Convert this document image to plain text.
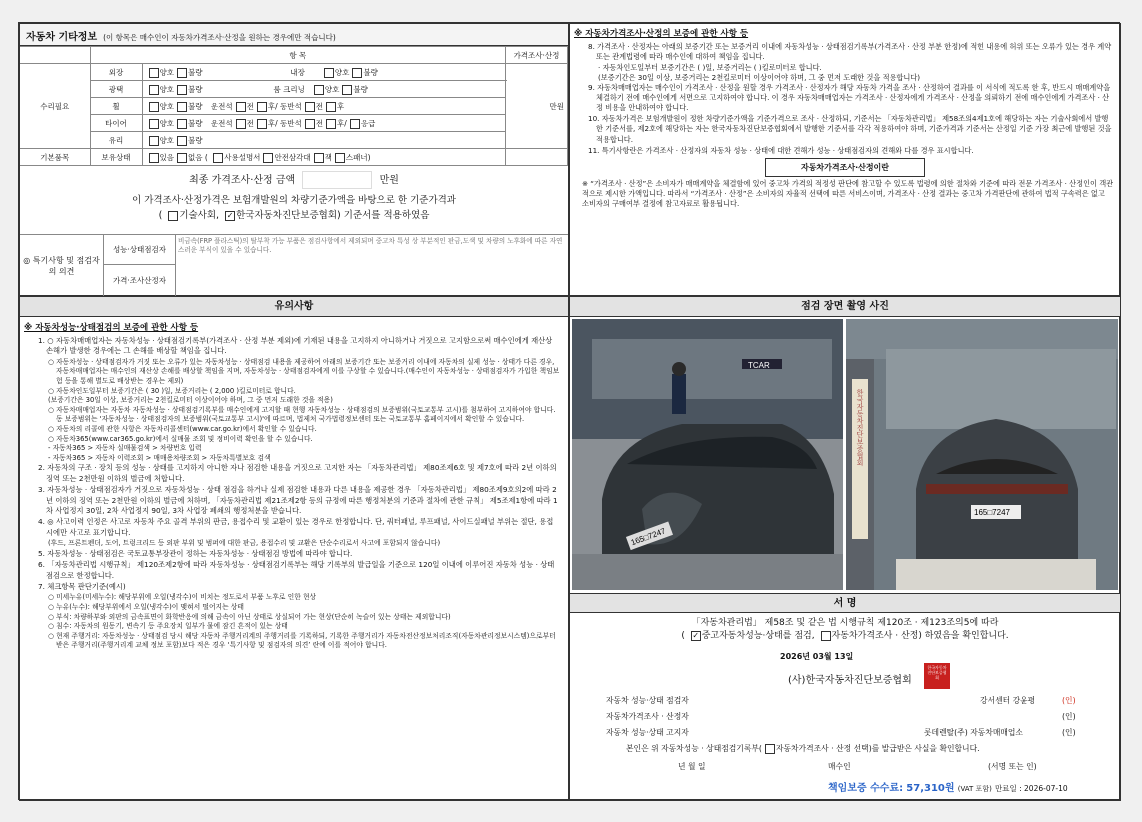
자동차 기타정보 (이 항목은 매수인이 자동차가격조사·산정을 원하는 경우에만 적습니다)
	항 목		가격조사·산정
수리필요	외장	양호 불량 내장 양호 불량	만원
	광택	양호 불량 룸 크리닝 양호 불량	
	휠	양호 불량 운전석 전 후/ 동반석 전 후	
	타이어	양호 불량 운전석 전 후/ 동반석 전 후/ 응급	
	유리	양호 불량	
기본품목	보유상태	있음 없음 ( 사용설명서 안전삼각대 잭 스패너)	
최종 가격조사·산정 금액	만원
이 가격조사·산정가격은 보험개발원의 차량기준가액을 바탕으로 한 기준가격과
( 기술사회, ✓ 한국자동차진단보증협회) 기준서를 적용하였음
◎ 특기사항 및 점검자의 의견
성능·상태점검자
비금속(FRP 플라스틱)의 탈부착 가능 부품은 점검사항에서 제외되며 중고차 특성 상 부분적인 판금,도색 및 차량의 노후화에 따른 자연스러운 부식이 있을 수 있습니다.
가격·조사산정자
※ 자동차가격조사·산정의 보증에 관한 사항 등

8. 가격조사 · 산정자는 아래의 보증기간 또는 보증거리 이내에 자동차성능 · 상태점검기록부(가격조사 · 산정 부분 한정)에 적힌 내용에 허위 또는 오류가 있는 경우 계약 또는 관계법령에 따라 매수인에 대하여 책임을 집니다.

· 자동차인도일부터 보증기간은 ( )일, 보증거리는 ( )킬로미터로 합니다.

(보증기간은 30일 이상, 보증거리는 2천킬로미터 이상이어야 하며, 그 중 먼저 도래한 것을 적용합니다)

9. 자동차매매업자는 매수인이 가격조사 · 산정을 원할 경우 가격조사 · 산정자가 해당 자동차 가격을 조사 · 산정하여 결과를 이 서식에 적도록 한 후, 반드시 매매계약을 체결하기 전에 매수인에게 서면으로 고지하여야 합니다. 이 경우 자동차매매업자는 가격조사 · 산정자에게 가격조사 · 산정을 의뢰하기 전에 매수인에게 가격조사 · 산정 비용을 안내하여야 합니다.

10. 자동차가격은 보험개발원이 정한 차량기준가액을 기준가격으로 조사 · 산정하되, 기준서는 「자동차관리법」 제58조의4제1호에 해당하는 자는 기술사회에서 발행한 기준서를, 제2호에 해당하는 자는 한국자동차진단보증협회에서 발행한 기준서를 각각 적용하여야 하며, 기준가격과 기준서는 산정일 기준 가장 최근에 발행된 것을 적용합니다.

11. 특기사항란은 가격조사 · 산정자의 자동차 성능 · 상태에 대한 견해가 성능 · 상태점검자의 견해와 다를 경우 표시합니다.

자동차가격조사·산정이란
※ “가격조사 · 산정”은 소비자가 매매계약을 체결함에 있어 중고차 가격의 적정성 판단에 참고할 수 있도록 법령에 의한 절차와 기준에 따라 전문 가격조사 · 산정인이 객관적으로 제시한 가액입니다. 따라서 “가격조사 · 산정”은 소비자의 자율적 선택에 따른 서비스이며, 가격조사 · 산정 결과는 중고차 가격판단에 관하여 법적 구속력은 없고 소비자의 구매여부 결정에 참고자료로 활용됩니다.
유의사항
※ 자동차성능·상태점검의 보증에 관한 사항 등

1. ○ 자동차매매업자는 자동차성능 · 상태점검기록부(가격조사 · 산정 부분 제외)에 기재된 내용을 고지하지 아니하거나 거짓으로 고지함으로써 매수인에게 재산상 손해가 발생한 경우에는 그 손해를 배상할 책임을 집니다.

○ 자동차성능 · 상태점검자가 거짓 또는 오류가 있는 자동차성능 · 상태점검 내용을 제공하여 아래의 보증기간 또는 보증거리 이내에 자동차의 실제 성능 · 상태가 다른 경우, 자동차매매업자는 매수인의 재산상 손해를 배상할 책임을 지며, 자동차성능 · 상태점검자에게 이를 구상할 수 있습니다.(매수인이 자동차성능 · 상태점검자가 가입한 책임보험 등을 통해 별도로 배상받는 경우는 제외)

○ 자동차인도일부터 보증기간은 ( 30 )일, 보증거리는 ( 2,000 )킬로미터로 합니다.

(보증기간은 30일 이상, 보증거리는 2천킬로미터 이상이어야 하며, 그 중 먼저 도래한 것을 적용)

○ 자동차매매업자는 자동차 자동차성능 · 상태점검기록부를 매수인에게 고지할 때 현행 자동차성능 · 상태점검의 보증범위(국토교통부 고시)를 첨부하여 고지하여야 합니다. 동 보증범위는 '자동차성능 · 상태점검자의 보증범위(국토교통부 고시)'에 따르며, 법제처 국가법령정보센터 또는 국토교통부 홈페이지에서 확인할 수 있습니다.

○ 자동차의 리콜에 관한 사항은 자동차리콜센터(www.car.go.kr)에서 확인할 수 있습니다.

○ 자동차365(www.car365.go.kr)에서 실매물 조회 및 정비이력 확인을 할 수 있습니다.

- 자동차365 > 자동차 실매물검색 > 차량번호 입력

- 자동차365 > 자동차 이력조회 > 매매용차량조회 > 자동차특별보호 검색

2. 자동차의 구조 · 장치 등의 성능 · 상태를 고지하지 아니한 자나 점검한 내용을 거짓으로 고지한 자는 「자동차관리법」 제80조제6호 및 제7호에 따라 2년 이하의 징역 또는 2천만원 이하의 벌금에 처합니다.

3. 자동차성능 · 상태점검자가 거짓으로 자동차성능 · 상태 점검을 하거나 실제 점검한 내용과 다른 내용을 제공한 경우 「자동차관리법」 제80조제9호의2에 따라 2년 이하의 징역 또는 2천만원 이하의 벌금에 처하며, 「자동차관리법 제21조제2항 등의 규정에 따른 행정처분의 기준과 절차에 관한 규칙」 제5조제1항에 따라 1차 사업정지 30일, 2차 사업정지 90일, 3차 사업장 폐쇄의 행정처분을 받습니다.

4. ◎ 사고이력 인정은 사고로 자동차 주요 골격 부위의 판금, 용접수리 및 교환이 있는 경우로 한정합니다. 단, 쿼터패널, 루프패널, 사이드실패널 부위는 절단, 용접 시에만 사고로 표기합니다.

(후드, 프론트펜더, 도어, 트렁크리드 등 외판 부위 및 범퍼에 대한 판금, 용접수리 및 교환은 단순수리로서 사고에 포함되지 않습니다)

5. 자동차성능 · 상태점검은 국토교통부장관이 정하는 자동차성능 · 상태점검 방법에 따라야 합니다.

6. 「자동차관리법 시행규칙」 제120조제2항에 따라 자동차성능 · 상태점검기록부는 해당 기록부의 발급일을 기준으로 120일 이내에 이루어진 자동차 성능 · 상태점검으로 한정합니다.

7. 체크항목 판단기준(예시)

○ 미세누유(미세누수): 해당부위에 오일(냉각수)이 비치는 정도로서 부품 노후로 인한 현상

○ 누유(누수): 해당부위에서 오일(냉각수)이 맺혀서 떨어지는 상태

○ 부식: 차량하부와 외판의 금속표면이 화학반응에 의해 금속이 아닌 상태로 상실되어 가는 현상(단순히 녹슬어 있는 상태는 제외합니다)

○ 침수: 자동차의 원동기, 변속기 등 주요장치 일부가 물에 잠긴 흔적이 있는 상태

○ 현재 주행거리: 자동차성능 · 상태점검 당시 해당 자동차 주행거리계의 주행거리를 기록하되, 기록한 주행거리가 자동차전산정보처리조직(자동차관리정보시스템)으로부터 받은 주행거리(주행거리계 교체 정보 포함)보다 적은 경우 ‘특기사항 및 점검자의 의견’ 란에 이를 적어야 합니다.

점검 장면 촬영 사진
TCAR
165□7247
한국자동차진단보증협회
165□7247
서 명
「자동차관리법」 제58조 및 같은 법 시행규칙 제120조 · 제123조의5에 따라
( ✓ 중고자동차성능·상태를 점검, 자동차가격조사 · 산정) 하였음을 확인합니다.
2026년 03월 13일
(사)한국자동차진단보증협회
한국자동차진단보증협회
자동차 성능·상태 점검자	강서센터 강윤평	(인)
자동차가격조사 · 산정자	(인)
자동차 성능·상태 고지자	롯데렌탈(주) 자동차매매업소	(인)
본인은 위 자동차성능 · 상태점검기록부( 자동차가격조사 · 산정 선택)를 발급받은 사실을 확인합니다.
년 월 일	매수인	(서명 또는 인)
책임보증 수수료: 57,310원 (VAT 포함) 만료일 : 2026-07-10
